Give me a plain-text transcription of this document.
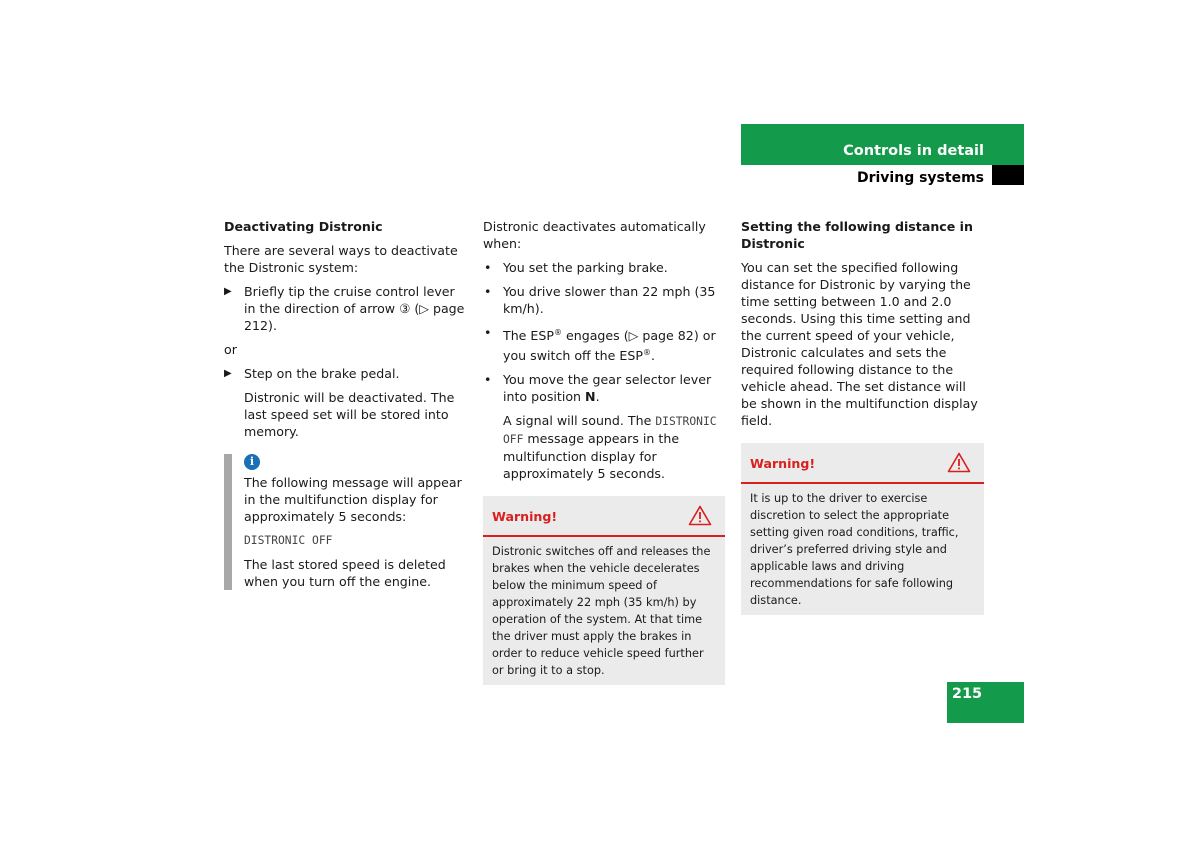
Controls in detail
Driving systems

Deactivating Distronic

There are several ways to deactivate the Distronic system:

▶ Briefly tip the cruise control lever in the direction of arrow ③ (▷ page 212).

or

▶ Step on the brake pedal.

Distronic will be deactivated. The last speed set will be stored into memory.

i

The following message will appear in the multifunction display for approximately 5 seconds:

DISTRONIC OFF

The last stored speed is deleted when you turn off the engine.

Distronic deactivates automatically when:

• You set the parking brake.
• You drive slower than 22 mph (35 km/h).
• The ESP® engages (▷ page 82) or you switch off the ESP®.
• You move the gear selector lever into position N.

A signal will sound. The DISTRONIC OFF message appears in the multifunction display for approximately 5 seconds.

Warning!
Distronic switches off and releases the brakes when the vehicle decelerates below the minimum speed of approximately 22 mph (35 km/h) by operation of the system. At that time the driver must apply the brakes in order to reduce vehicle speed further or bring it to a stop.

Setting the following distance in Distronic

You can set the specified following distance for Distronic by varying the time setting between 1.0 and 2.0 seconds. Using this time setting and the current speed of your vehicle, Distronic calculates and sets the required following distance to the vehicle ahead. The set distance will be shown in the multifunction display field.

Warning!
It is up to the driver to exercise discretion to select the appropriate setting given road conditions, traffic, driver’s preferred driving style and applicable laws and driving recommendations for safe following distance.
215
